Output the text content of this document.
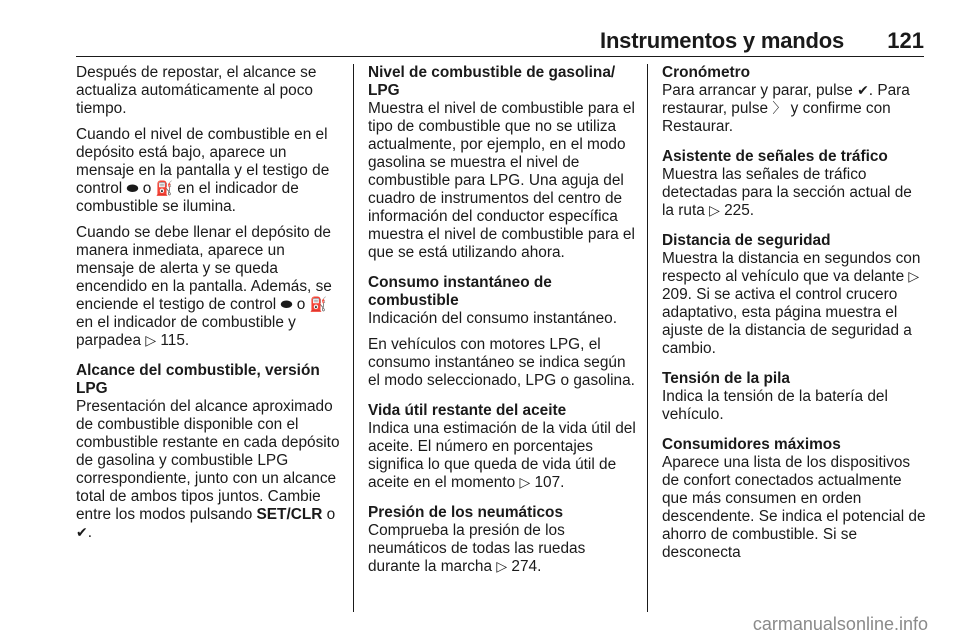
Instrumentos y mandos 121

Después de repostar, el alcance se actualiza automáticamente al poco tiempo.

Cuando el nivel de combustible en el depósito está bajo, aparece un mensaje en la pantalla y el testigo de control ⬬ o ⛽ en el indicador de combustible se ilumina.

Cuando se debe llenar el depósito de manera inmediata, aparece un mensaje de alerta y se queda encendido en la pantalla. Además, se enciende el testigo de control ⬬ o ⛽ en el indicador de combustible y parpadea ▷ 115.

Alcance del combustible, versión LPG

Presentación del alcance aproximado de combustible disponible con el combustible restante en cada depósito de gasolina y combustible LPG correspondiente, junto con un alcance total de ambos tipos juntos. Cambie entre los modos pulsando SET/CLR o ✔.

Nivel de combustible de gasolina/ LPG

Muestra el nivel de combustible para el tipo de combustible que no se utiliza actualmente, por ejemplo, en el modo gasolina se muestra el nivel de combustible para LPG. Una aguja del cuadro de instrumentos del centro de información del conductor específica muestra el nivel de combustible para el que se está utilizando ahora.

Consumo instantáneo de combustible

Indicación del consumo instantáneo.

En vehículos con motores LPG, el consumo instantáneo se indica según el modo seleccionado, LPG o gasolina.

Vida útil restante del aceite

Indica una estimación de la vida útil del aceite. El número en porcentajes significa lo que queda de vida útil de aceite en el momento ▷ 107.

Presión de los neumáticos

Comprueba la presión de los neumáticos de todas las ruedas durante la marcha ▷ 274.

Cronómetro

Para arrancar y parar, pulse ✔. Para restaurar, pulse 〉 y confirme con Restaurar.

Asistente de señales de tráfico

Muestra las señales de tráfico detectadas para la sección actual de la ruta ▷ 225.

Distancia de seguridad

Muestra la distancia en segundos con respecto al vehículo que va delante ▷ 209. Si se activa el control crucero adaptativo, esta página muestra el ajuste de la distancia de seguridad a cambio.

Tensión de la pila

Indica la tensión de la batería del vehículo.

Consumidores máximos

Aparece una lista de los dispositivos de confort conectados actualmente que más consumen en orden descendente. Se indica el potencial de ahorro de combustible. Si se desconecta

carmanualsonline.info
